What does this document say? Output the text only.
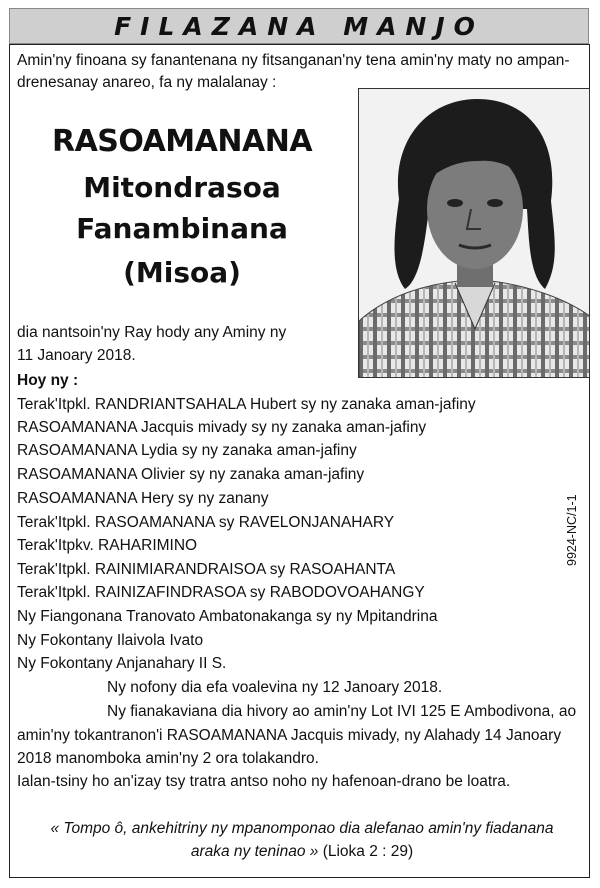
FILAZANA MANJO
Amin'ny finoana sy fanantenana ny fitsanganan'ny tena amin'ny maty no ampan-drenesanay anareo, fa ny malalanay :
RASOAMANANA
Mitondrasoa
Fanambinana
(Misoa)
dia nantsoin'ny Ray hody any Aminy ny
11 Janoary 2018.
Hoy ny :
Terak'Itpkl. RANDRIANTSAHALA Hubert sy ny zanaka aman-jafiny
RASOAMANANA Jacquis mivady sy ny zanaka aman-jafiny
RASOAMANANA Lydia sy ny zanaka aman-jafiny
RASOAMANANA Olivier sy ny zanaka aman-jafiny
RASOAMANANA Hery sy ny zanany
Terak'Itpkl. RASOAMANANA sy RAVELONJANAHARY
Terak'Itpkv. RAHARIMINO
Terak'Itpkl. RAINIMIARANDRAISOA sy RASOAHANTA
Terak'Itpkl. RAINIZAFINDRASOA sy RABODOVOAHANGY
Ny Fiangonana Tranovato Ambatonakanga sy ny Mpitandrina
Ny Fokontany Ilaivola Ivato
Ny Fokontany Anjanahary II S.
Ny nofony dia efa voalevina ny 12 Janoary 2018.
Ny fianakaviana dia hivory ao amin'ny Lot IVI 125 E Ambodivona, ao
amin'ny tokantranon'i RASOAMANANA Jacquis mivady, ny Alahady 14 Janoary
2018 manomboka amin'ny 2 ora tolakandro.
Ialan-tsiny ho an'izay tsy tratra antso noho ny hafenoan-drano be loatra.
« Tompo ô, ankehitriny ny mpanomponao dia alefanao amin'ny fiadanana
araka ny teninao » (Lioka 2 : 29)
9924-NC/1-1
